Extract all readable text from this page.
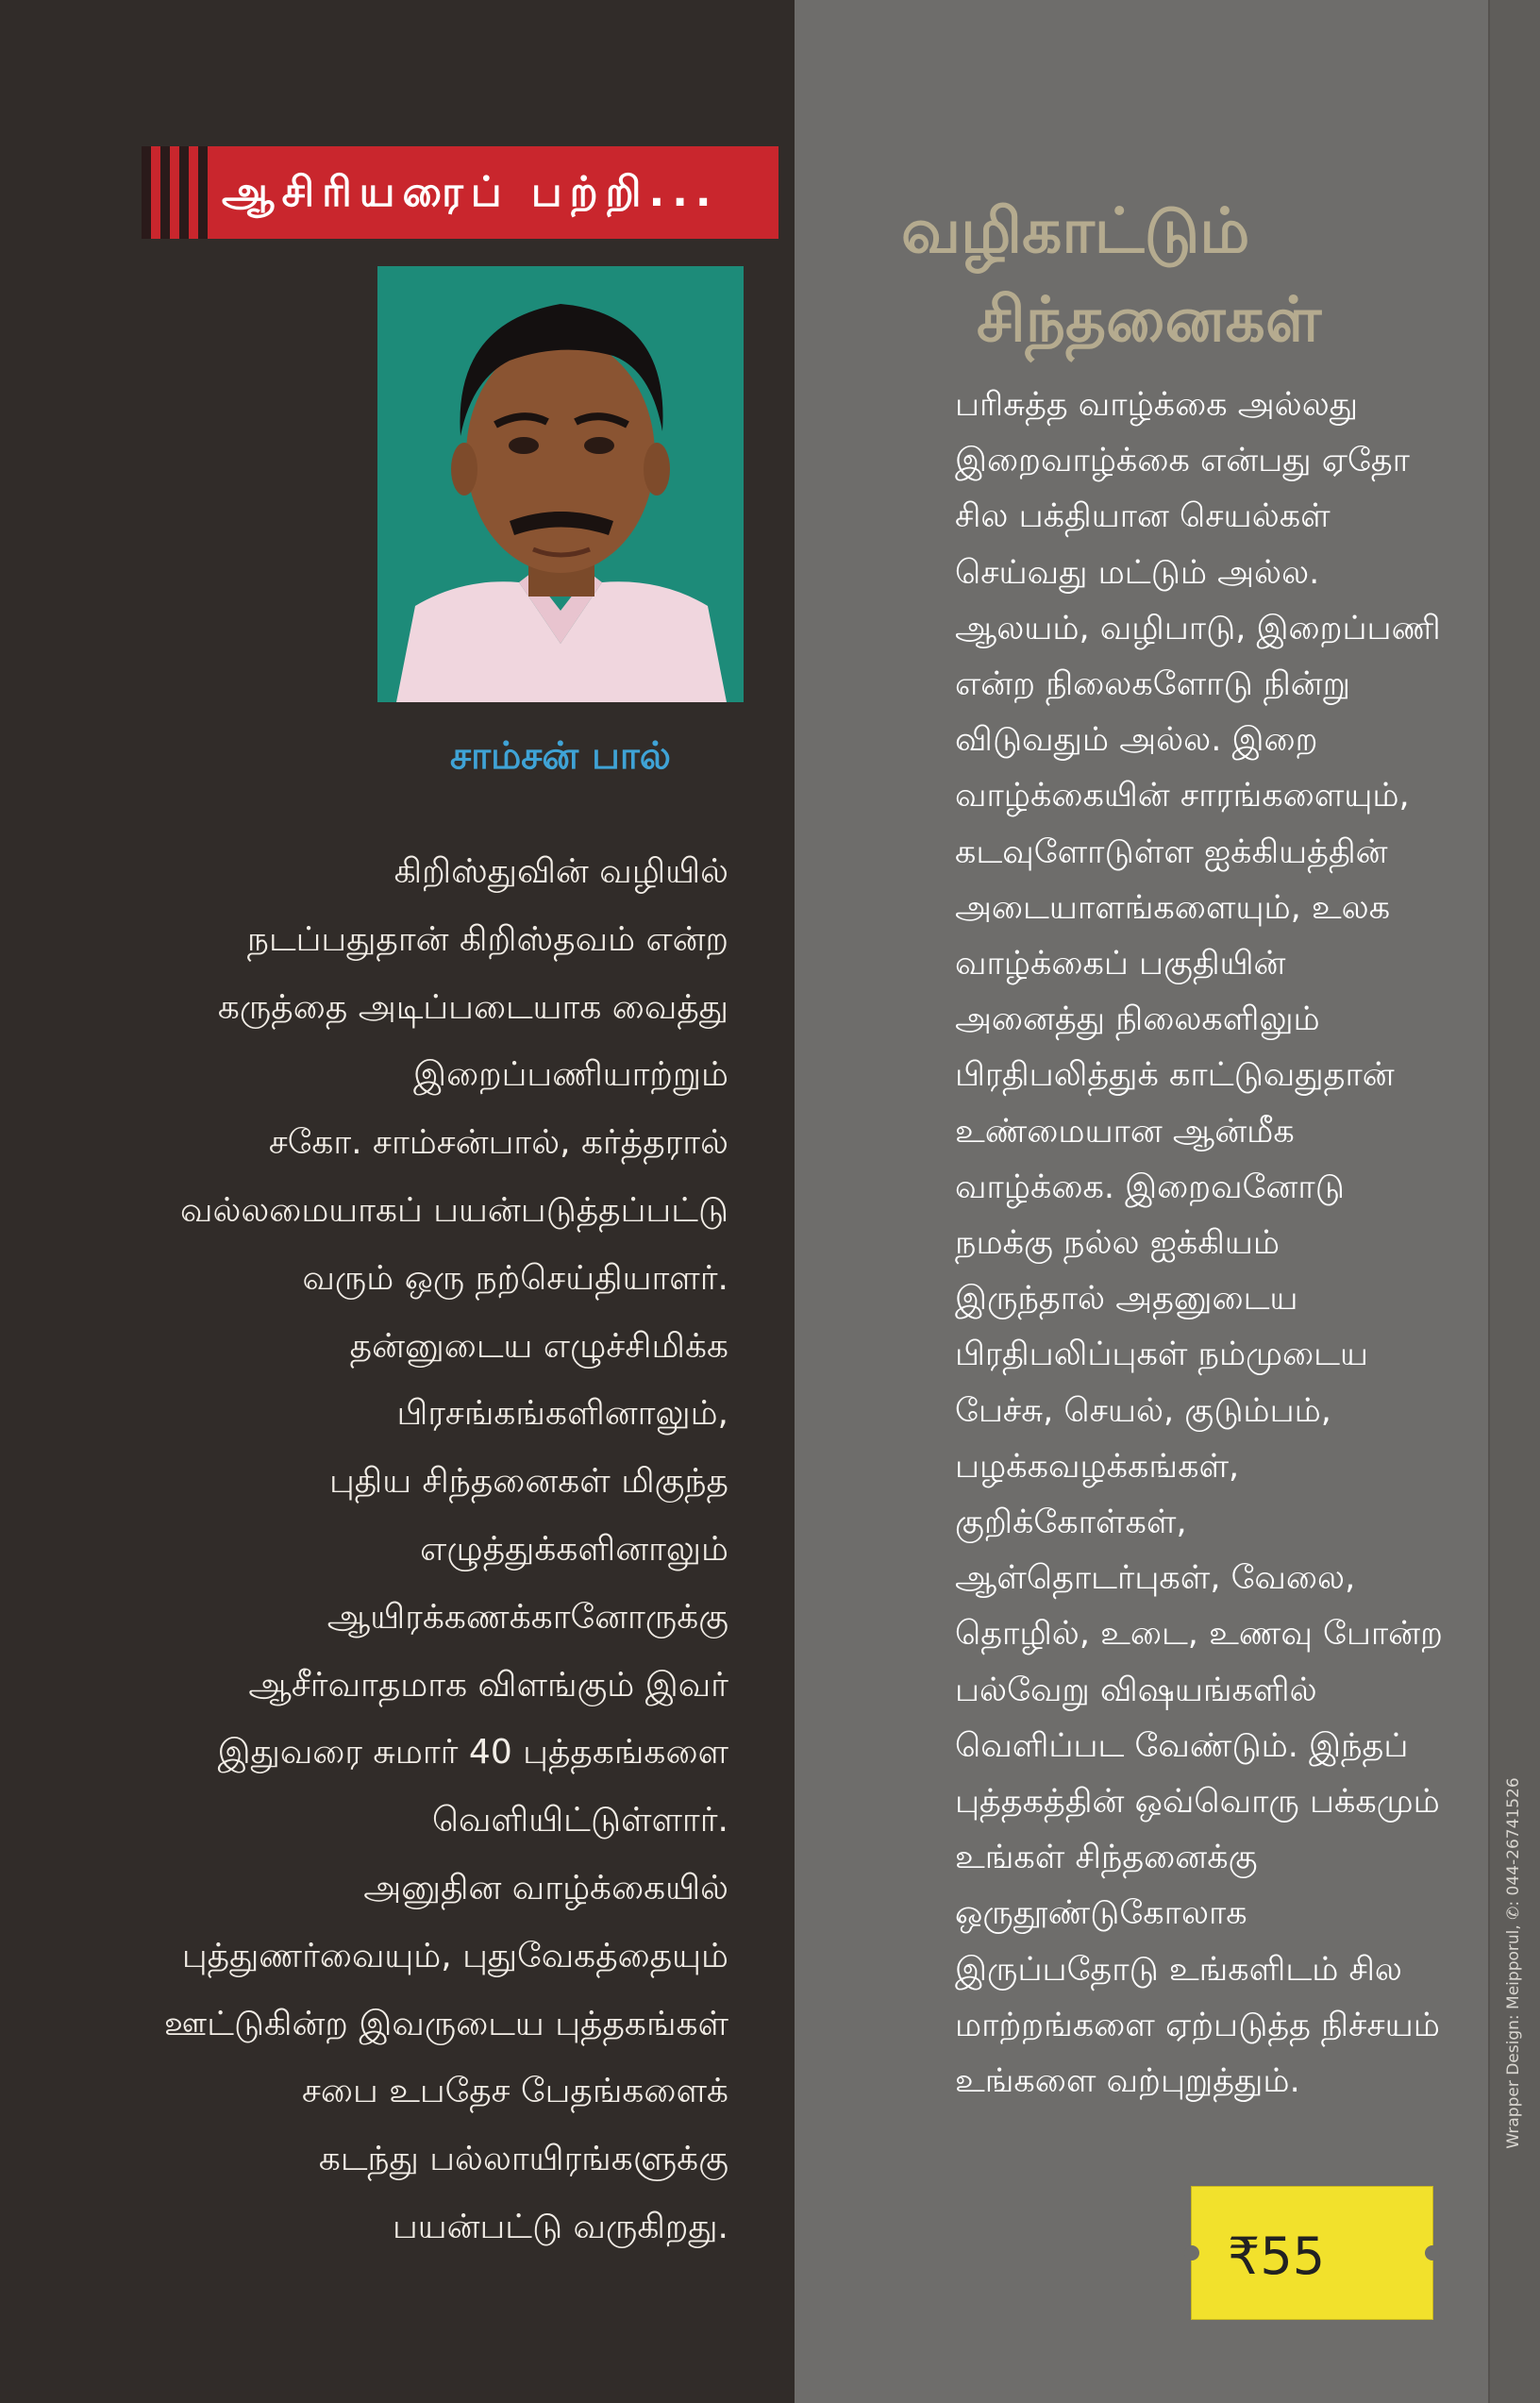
ஆசிரியரைப் பற்றி...
சாம்சன் பால்
கிறிஸ்துவின் வழியில்
நடப்பதுதான் கிறிஸ்தவம் என்ற
கருத்தை அடிப்படையாக வைத்து
இறைப்பணியாற்றும்
சகோ. சாம்சன்பால், கர்த்தரால்
வல்லமையாகப் பயன்படுத்தப்பட்டு
வரும் ஒரு நற்செய்தியாளர்.
தன்னுடைய எழுச்சிமிக்க
பிரசங்கங்களினாலும்,
புதிய சிந்தனைகள் மிகுந்த
எழுத்துக்களினாலும்
ஆயிரக்கணக்கானோருக்கு
ஆசீர்வாதமாக விளங்கும் இவர்
இதுவரை சுமார் 40 புத்தகங்களை
வெளியிட்டுள்ளார்.
அனுதின வாழ்க்கையில்
புத்துணர்வையும், புதுவேகத்தையும்
ஊட்டுகின்ற இவருடைய புத்தகங்கள்
சபை உபதேச பேதங்களைக்
கடந்து பல்லாயிரங்களுக்கு
பயன்பட்டு வருகிறது.
வழிகாட்டும்
சிந்தனைகள்
பரிசுத்த வாழ்க்கை அல்லது
இறைவாழ்க்கை என்பது ஏதோ
சில பக்தியான செயல்கள்
செய்வது மட்டும் அல்ல.
ஆலயம், வழிபாடு, இறைப்பணி
என்ற நிலைகளோடு நின்று
விடுவதும் அல்ல. இறை
வாழ்க்கையின் சாரங்களையும்,
கடவுளோடுள்ள ஐக்கியத்தின்
அடையாளங்களையும், உலக
வாழ்க்கைப் பகுதியின்
அனைத்து நிலைகளிலும்
பிரதிபலித்துக் காட்டுவதுதான்
உண்மையான ஆன்மீக
வாழ்க்கை. இறைவனோடு
நமக்கு நல்ல ஐக்கியம்
இருந்தால் அதனுடைய
பிரதிபலிப்புகள் நம்முடைய
பேச்சு, செயல், குடும்பம்,
பழக்கவழக்கங்கள்,
குறிக்கோள்கள்,
ஆள்தொடர்புகள், வேலை,
தொழில், உடை, உணவு போன்ற
பல்வேறு விஷயங்களில்
வெளிப்பட வேண்டும். இந்தப்
புத்தகத்தின் ஒவ்வொரு பக்கமும்
உங்கள் சிந்தனைக்கு
ஒருதூண்டுகோலாக
இருப்பதோடு உங்களிடம் சில
மாற்றங்களை ஏற்படுத்த நிச்சயம்
உங்களை வற்புறுத்தும்.
₹55
Wrapper Design: Meipporul, ✆: 044-26741526
